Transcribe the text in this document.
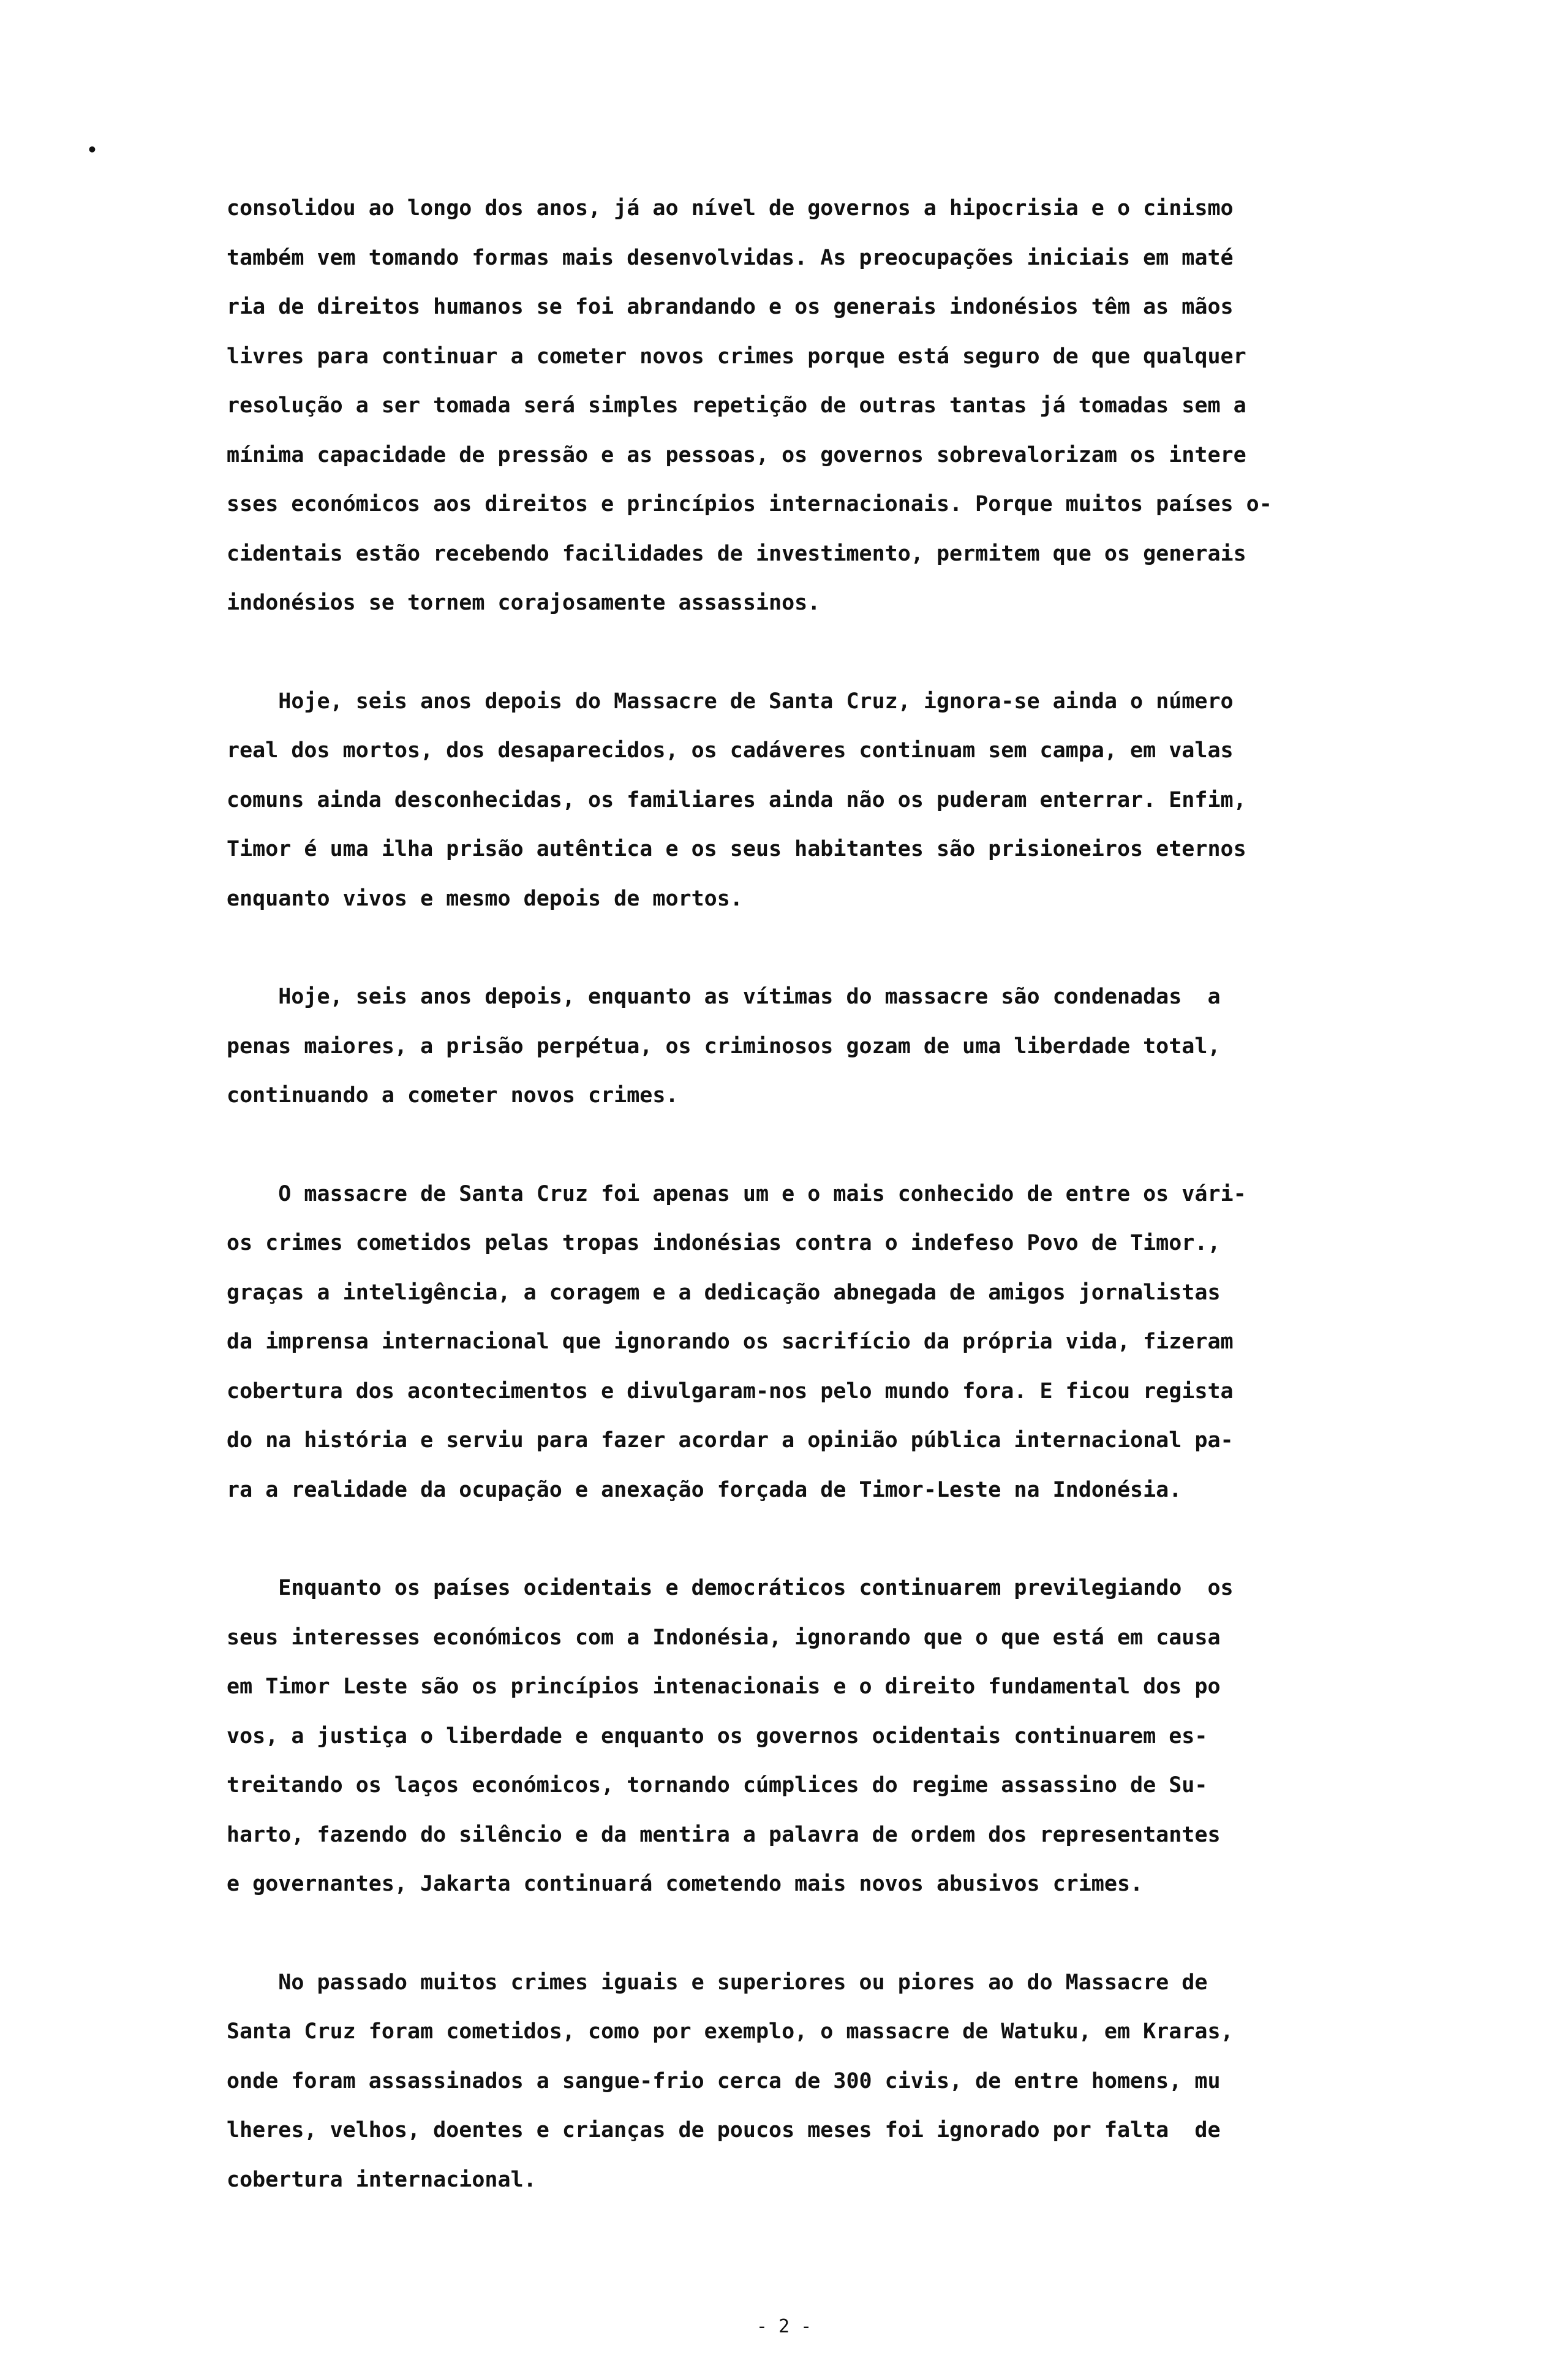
•
consolidou ao longo dos anos, já ao nível de governos a hipocrisia e o cinismo
também vem tomando formas mais desenvolvidas. As preocupações iniciais em maté
ria de direitos humanos se foi abrandando e os generais indonésios têm as mãos
livres para continuar a cometer novos crimes porque está seguro de que qualquer
resolução a ser tomada será simples repetição de outras tantas já tomadas sem a
mínima capacidade de pressão e as pessoas, os governos sobrevalorizam os intere
sses económicos aos direitos e princípios internacionais. Porque muitos países o-
cidentais estão recebendo facilidades de investimento, permitem que os generais
indonésios se tornem corajosamente assassinos.
Hoje, seis anos depois do Massacre de Santa Cruz, ignora-se ainda o número
real dos mortos, dos desaparecidos, os cadáveres continuam sem campa, em valas
comuns ainda desconhecidas, os familiares ainda não os puderam enterrar. Enfim,
Timor é uma ilha prisão autêntica e os seus habitantes são prisioneiros eternos
enquanto vivos e mesmo depois de mortos.
Hoje, seis anos depois, enquanto as vítimas do massacre são condenadas  a
penas maiores, a prisão perpétua, os criminosos gozam de uma liberdade total,
continuando a cometer novos crimes.
O massacre de Santa Cruz foi apenas um e o mais conhecido de entre os vári-
os crimes cometidos pelas tropas indonésias contra o indefeso Povo de Timor.,
graças a inteligência, a coragem e a dedicação abnegada de amigos jornalistas
da imprensa internacional que ignorando os sacrifício da própria vida, fizeram
cobertura dos acontecimentos e divulgaram-nos pelo mundo fora. E ficou regista
do na história e serviu para fazer acordar a opinião pública internacional pa-
ra a realidade da ocupação e anexação forçada de Timor-Leste na Indonésia.
Enquanto os países ocidentais e democráticos continuarem previlegiando  os
seus interesses económicos com a Indonésia, ignorando que o que está em causa
em Timor Leste são os princípios intenacionais e o direito fundamental dos po
vos, a justiça o liberdade e enquanto os governos ocidentais continuarem es-
treitando os laços económicos, tornando cúmplices do regime assassino de Su-
harto, fazendo do silêncio e da mentira a palavra de ordem dos representantes
e governantes, Jakarta continuará cometendo mais novos abusivos crimes.
No passado muitos crimes iguais e superiores ou piores ao do Massacre de
Santa Cruz foram cometidos, como por exemplo, o massacre de Watuku, em Kraras,
onde foram assassinados a sangue-frio cerca de 300 civis, de entre homens, mu
lheres, velhos, doentes e crianças de poucos meses foi ignorado por falta  de
cobertura internacional.
- 2 -
